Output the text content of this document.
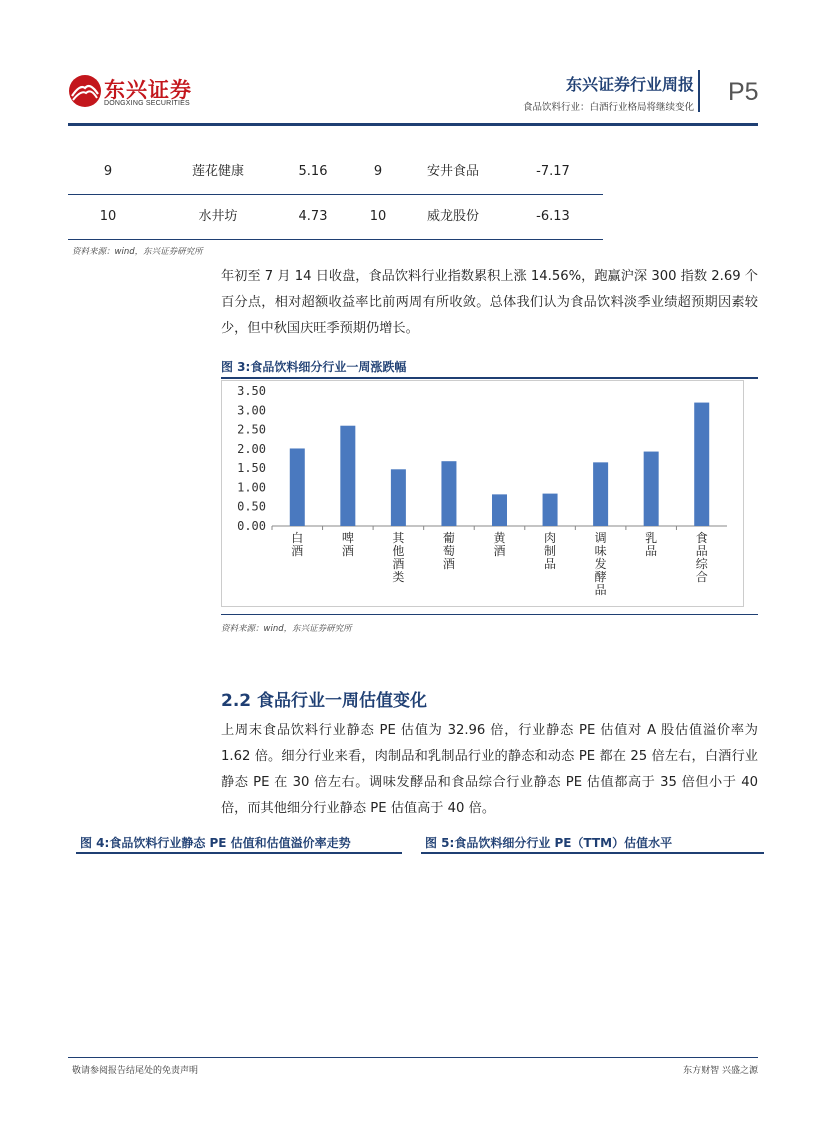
东兴证券
DONGXING SECURITIES
东兴证券行业周报
食品饮料行业：白酒行业格局将继续变化
P5
9	莲花健康	5.16	9	安井食品	-7.17
10	水井坊	4.73	10	威龙股份	-6.13
资料来源：wind，东兴证券研究所
年初至 7 月 14 日收盘，食品饮料行业指数累积上涨 14.56%，跑赢沪深 300 指数 2.69 个百分点，相对超额收益率比前两周有所收敛。总体我们认为食品饮料淡季业绩超预期因素较少，但中秋国庆旺季预期仍增长。
图 3:食品饮料细分行业一周涨跌幅
0.00
0.50
1.00
1.50
2.00
2.50
3.00
3.50
白酒
啤酒
其他酒类
葡萄酒
黄酒
肉制品
调味发酵品
乳品
食品综合
资料来源：wind，东兴证券研究所
2.2 食品行业一周估值变化
上周末食品饮料行业静态 PE 估值为 32.96 倍，行业静态 PE 估值对 A 股估值溢价率为 1.62 倍。细分行业来看，肉制品和乳制品行业的静态和动态 PE 都在 25 倍左右，白酒行业静态 PE 在 30 倍左右。调味发酵品和食品综合行业静态 PE 估值都高于 35 倍但小于 40 倍，而其他细分行业静态 PE 估值高于 40 倍。
图 4:食品饮料行业静态 PE 估值和估值溢价率走势	图 5:食品饮料细分行业 PE（TTM）估值水平
敬请参阅报告结尾处的免责声明	东方财智 兴盛之源
